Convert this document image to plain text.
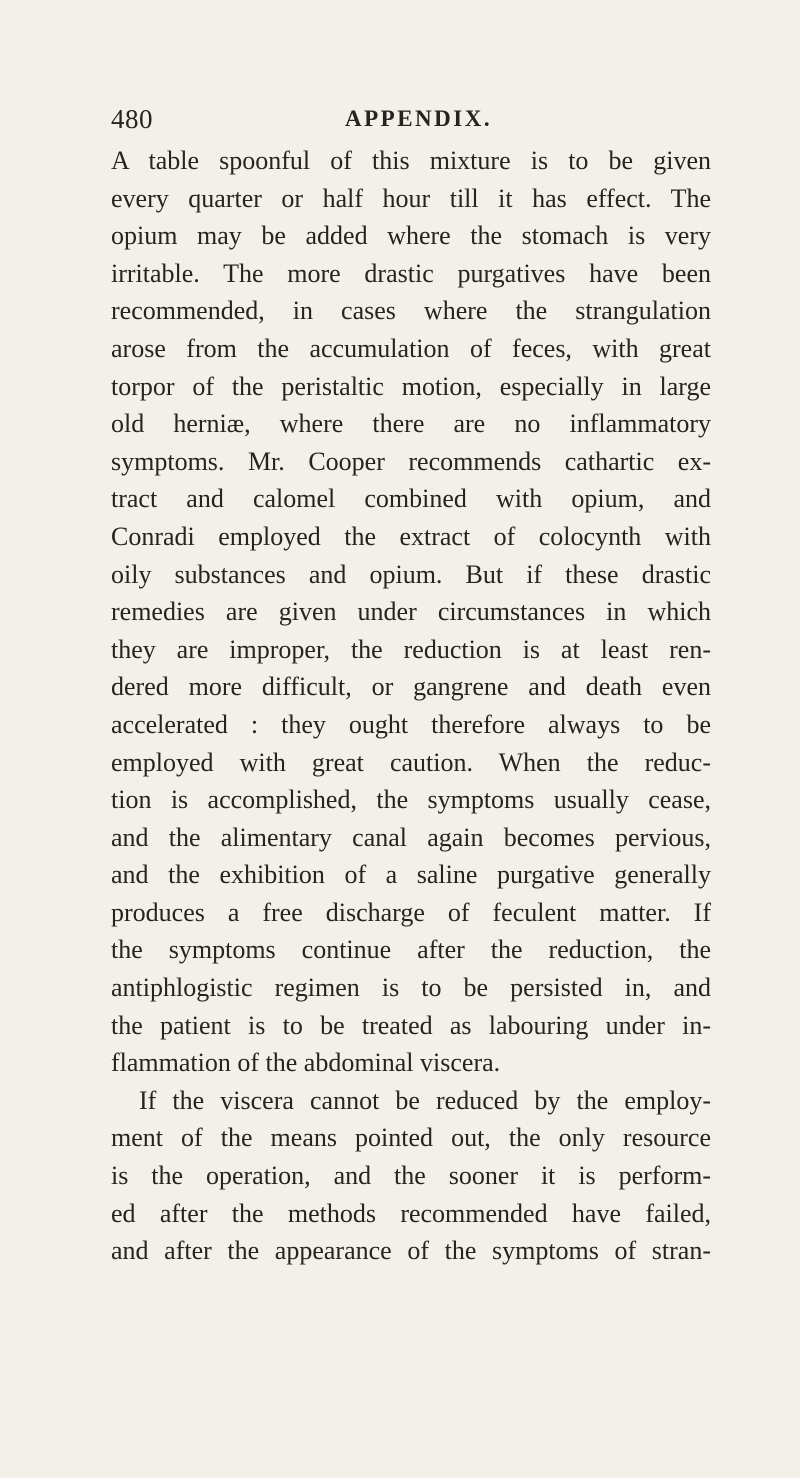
480	APPENDIX.
A table spoonful of this mixture is to be given
every quarter or half hour till it has effect. The
opium may be added where the stomach is very
irritable. The more drastic purgatives have been
recommended, in cases where the strangulation
arose from the accumulation of feces, with great
torpor of the peristaltic motion, especially in large
old herniæ, where there are no inflammatory
symptoms. Mr. Cooper recommends cathartic ex-
tract and calomel combined with opium, and
Conradi employed the extract of colocynth with
oily substances and opium. But if these drastic
remedies are given under circumstances in which
they are improper, the reduction is at least ren-
dered more difficult, or gangrene and death even
accelerated : they ought therefore always to be
employed with great caution. When the reduc-
tion is accomplished, the symptoms usually cease,
and the alimentary canal again becomes pervious,
and the exhibition of a saline purgative generally
produces a free discharge of feculent matter. If
the symptoms continue after the reduction, the
antiphlogistic regimen is to be persisted in, and
the patient is to be treated as labouring under in-
flammation of the abdominal viscera.
If the viscera cannot be reduced by the employ-
ment of the means pointed out, the only resource
is the operation, and the sooner it is perform-
ed after the methods recommended have failed,
and after the appearance of the symptoms of stran-
